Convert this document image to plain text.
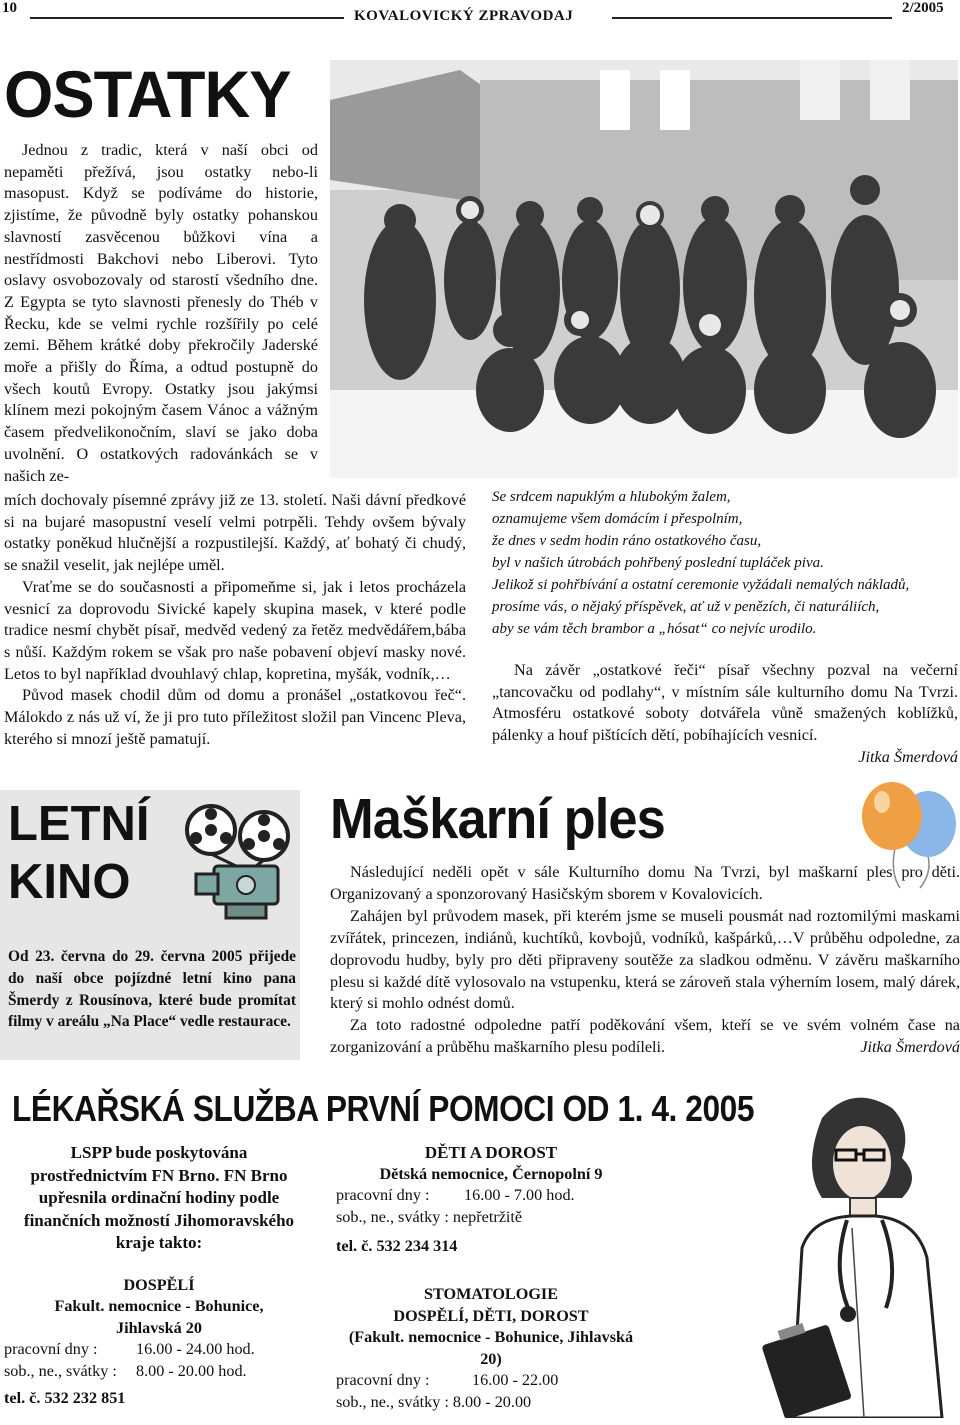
10	KOVALOVICKÝ ZPRAVODAJ	2/2005
OSTATKY

Jednou z tradic, která v naší obci od nepaměti přežívá, jsou ostatky nebo-li masopust. Když se podíváme do historie, zjistíme, že původně byly ostatky pohanskou slavností zasvěcenou bůžkovi vína a nestřídmosti Bakchovi nebo Liberovi. Tyto oslavy osvobozovaly od starostí všedního dne. Z Egypta se tyto slavnosti přenesly do Théb v Řecku, kde se velmi rychle rozšířily po celé zemi. Během krátké doby překročily Jaderské moře a přišly do Říma, a odtud postupně do všech koutů Evropy. Ostatky jsou jakýmsi klínem mezi pokojným časem Vánoc a vážným časem předvelikonočním, slaví se jako doba uvolnění. O ostatkových radovánkách se v našich ze-

mích dochovaly písemné zprávy již ze 13. století. Naši dávní předkové si na bujaré masopustní veselí velmi potrpěli. Tehdy ovšem bývaly ostatky poněkud hlučnější a rozpustilejší. Každý, ať bohatý či chudý, se snažil veselit, jak nejlépe uměl.

Vraťme se do současnosti a připomeňme si, jak i letos procházela vesnicí za doprovodu Sivické kapely skupina masek, v které podle tradice nesmí chybět písař, medvěd vedený za řetěz medvědářem,bába s nůší. Každým rokem se však pro naše pobavení objeví masky nové. Letos to byl například dvouhlavý chlap, kopretina, myšák, vodník,…

Původ masek chodil dům od domu a pronášel „ostatkovou řeč“. Málokdo z nás už ví, že ji pro tuto příležitost složil pan Vincenc Pleva, kterého si mnozí ještě pamatují.

Se srdcem napuklým a hlubokým žalem,
oznamujeme všem domácím i přespolním,
že dnes v sedm hodin ráno ostatkového času,
byl v našich útrobách pohřbený poslední tupláček piva.
Jelikož si pohřbívání a ostatní ceremonie vyžádali nemalých nákladů,
prosíme vás, o nějaký příspěvek, ať už v penězích, či naturáliích,
aby se vám těch brambor a „hósat“ co nejvíc urodilo.

Na závěr „ostatkové řeči“ písař všechny pozval na večerní „tancovačku od podlahy“, v místním sále kulturního domu Na Tvrzi. Atmosféru ostatkové soboty dotvářela vůně smažených koblížků, pálenky a houf pištících dětí, pobíhajících vesnicí.

Jitka Šmerdová
LETNÍ
KINO
Od 23. června do 29. června 2005 přijede do naší obce pojízdné letní kino pana Šmerdy z Rousínova, které bude promítat filmy v areálu „Na Place“ vedle restaurace.
Maškarní ples

Následující neděli opět v sále Kulturního domu Na Tvrzi, byl maškarní ples pro děti. Organizovaný a sponzorovaný Hasičským sborem v Kovalovicích.

Zahájen byl průvodem masek, při kterém jsme se museli pousmát nad roztomilými maskami zvířátek, princezen, indiánů, kuchtíků, kovbojů, vodníků, kašpárků,…V průběhu odpoledne, za doprovodu hudby, byly pro děti připraveny soutěže za sladkou odměnu. V závěru maškarního plesu si každé dítě vylosovalo na vstupenku, která se zároveň stala výherním losem, malý dárek, který si mohlo odnést domů.

Za toto radostné odpoledne patří poděkování všem, kteří se ve svém volném čase na zorganizování a průběhu maškarního plesu podíleli.	Jitka Šmerdová

LÉKAŘSKÁ SLUŽBA PRVNÍ POMOCI OD 1. 4. 2005
LSPP bude poskytována prostřednictvím FN Brno. FN Brno upřesnila ordinační hodiny podle finančních možností Jihomoravského kraje takto:
DOSPĚLÍ
Fakult. nemocnice - Bohunice, Jihlavská 20
pracovní dny : 16.00 - 24.00 hod.
sob., ne., svátky : 8.00 - 20.00 hod.
tel. č. 532 232 851
DĚTI A DOROST
Dětská nemocnice, Černopolní 9
pracovní dny : 16.00 - 7.00 hod.
sob., ne., svátky : nepřetržitě
tel. č. 532 234 314
STOMATOLOGIE
DOSPĚLÍ, DĚTI, DOROST
(Fakult. nemocnice - Bohunice, Jihlavská 20)
pracovní dny :	16.00 - 22.00
sob., ne., svátky : 8.00 - 20.00
